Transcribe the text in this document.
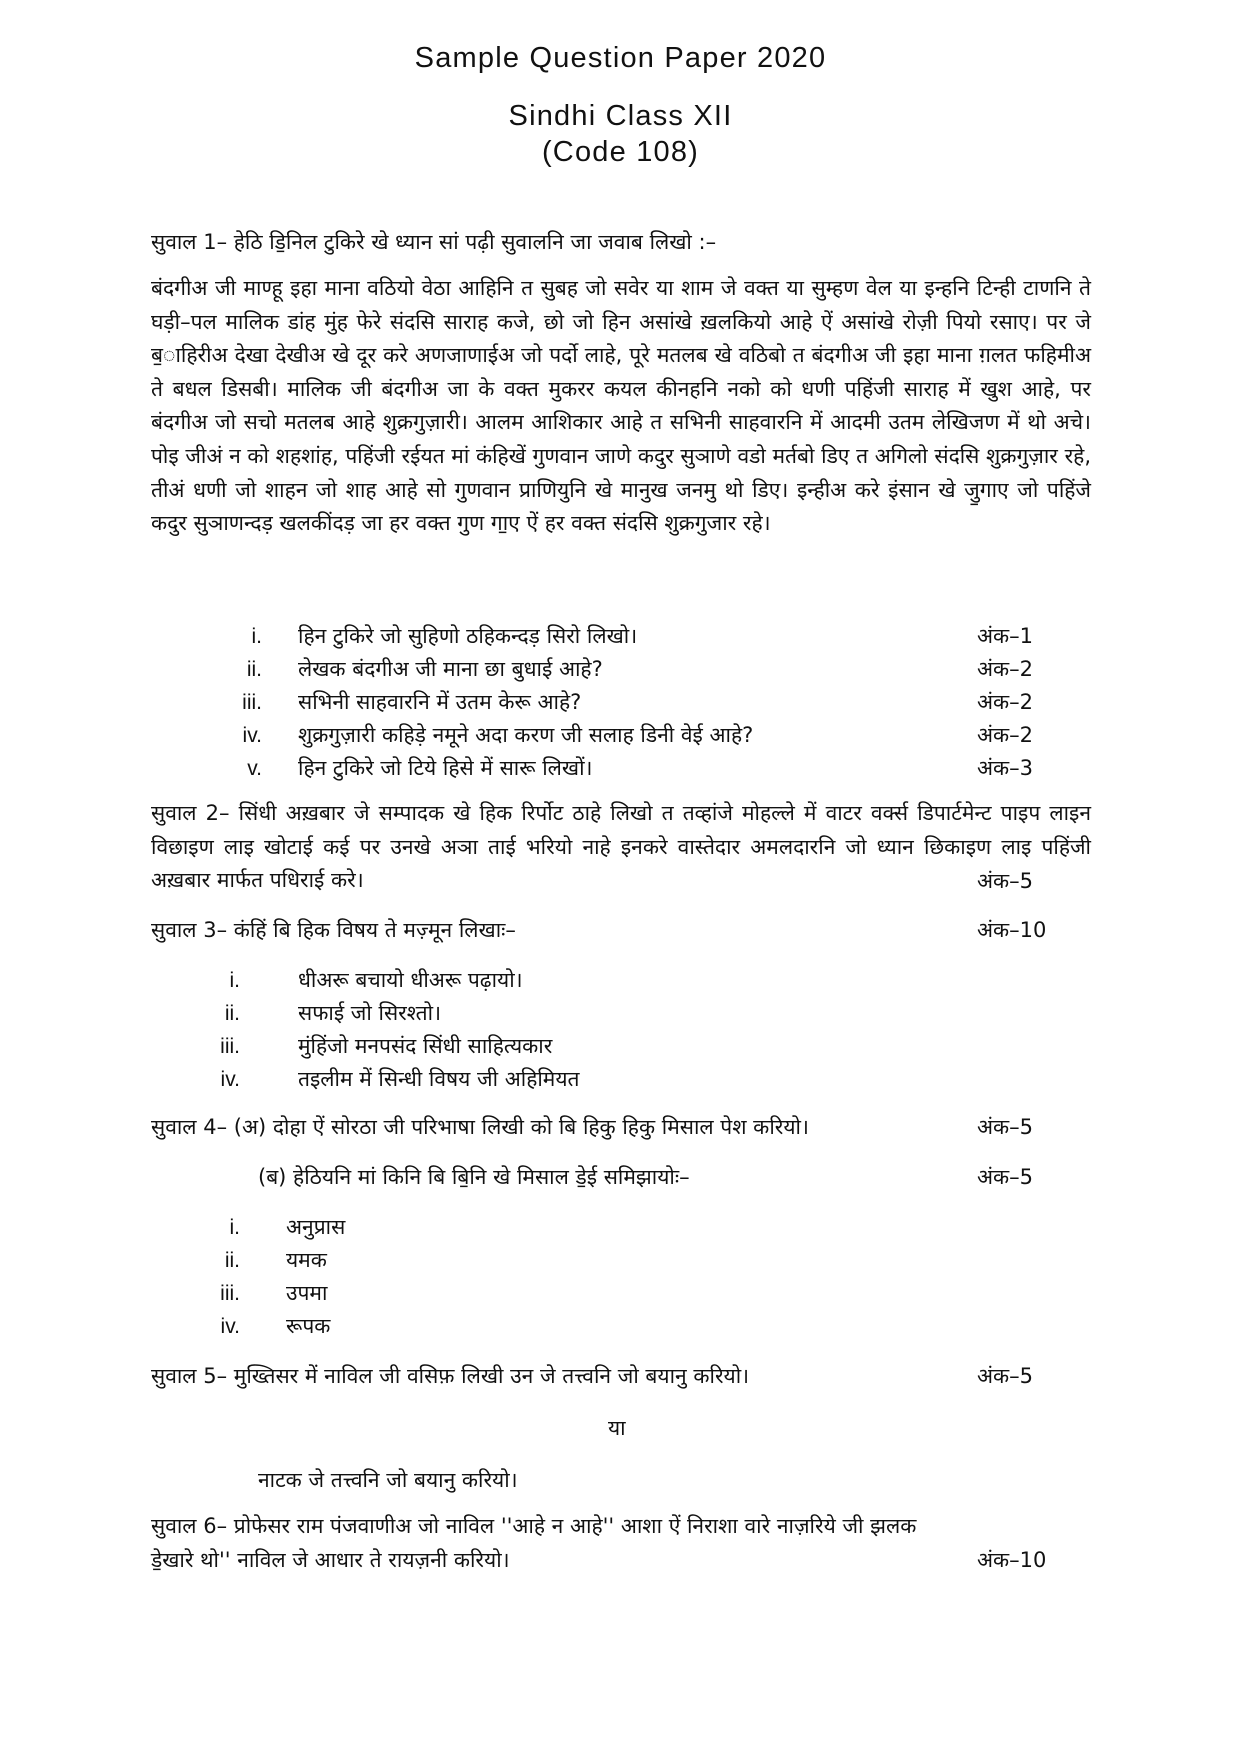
Sample Question Paper 2020
Sindhi Class XII
(Code 108)
सुवाल 1– हेठि डि॒निल टुकिरे खे ध्यान सां पढ़ी सुवालनि जा जवाब लिखो :–
बंदगीअ जी माण्हू इहा माना वठियो वेठा आहिनि त सुबह जो सवेर या शाम जे वक्त या सुम्हण वेल या इन्हनि टिन्ही टाणनि ते घड़ी–पल मालिक डांह मुंह फेरे संदसि साराह कजे, छो जो हिन असांखे ख़लकियो आहे ऐं असांखे रोज़ी पियो रसाए। पर जे ब॒ाहिरीअ देखा देखीअ खे दूर करे अणजाणाईअ जो पर्दो लाहे, पूरे मतलब खे वठिबो त बंदगीअ जी इहा माना ग़लत फहिमीअ ते बधल डिसबी। मालिक जी बंदगीअ जा के वक्त मुकरर कयल कीनहनि नको को धणी पहिंजी साराह में खुश आहे, पर बंदगीअ जो सचो मतलब आहे शुक्रगुज़ारी। आलम आशिकार आहे त सभिनी साहवारनि में आदमी उतम लेखिजण में थो अचे। पोइ जीअं न को शहशांह, पहिंजी रईयत मां कंहिखें गुणवान जाणे कदुर सुञाणे वडो मर्तबो डिए त अगिलो संदसि शुक्रगुज़ार रहे, तीअं धणी जो शाहन जो शाह आहे सो गुणवान प्राणियुनि खे मानुख जनमु थो डिए। इन्हीअ करे इंसान खे जु॒गाए जो पहिंजे कदुर सुञाणन्दड़ खलकींदड़ जा हर वक्त गुण गा॒ए ऐं हर वक्त संदसि शुक्रगुजार रहे।
i. हिन टुकिरे जो सुहिणो ठहिकन्दड़ सिरो लिखो।	अंक–1
ii. लेखक बंदगीअ जी माना छा बुधाई आहे?	अंक–2
iii. सभिनी साहवारनि में उतम केरू आहे?	अंक–2
iv. शुक्रगुज़ारी कहिड़े नमूने अदा करण जी सलाह डिनी वेई आहे?	अंक–2
v. हिन टुकिरे जो टिये हिसे में सारू लिखों।	अंक–3
सुवाल 2– सिंधी अख़बार जे सम्पादक खे हिक रिर्पोट ठाहे लिखो त तव्हांजे मोहल्ले में वाटर वर्क्स डिपार्टमेन्ट पाइप लाइन विछाइण लाइ खोटाई कई पर उनखे अञा ताई भरियो नाहे इनकरे वास्तेदार अमलदारनि जो ध्यान छिकाइण लाइ पहिंजी अख़बार मार्फत पधिराई करे।	अंक–5
सुवाल 3– कंहिं बि हिक विषय ते मज़्मून लिखाः–	अंक–10
i.	धीअरू बचायो धीअरू पढ़ायो।
ii.	सफाई जो सिरश्तो।
iii.	मुंहिंजो मनपसंद सिंधी साहित्यकार
iv.	तइलीम में सिन्धी विषय जी अहिमियत
सुवाल 4– (अ) दोहा ऐं सोरठा जी परिभाषा लिखी को बि हिकु हिकु मिसाल पेश करियो।	अंक–5
(ब) हेठियनि मां किनि बि बि॒नि खे मिसाल डे॒ई समिझायोः–	अंक–5
i. अनुप्रास
ii. यमक
iii. उपमा
iv. रूपक
सुवाल 5– मुख्तिसर में नाविल जी वसिफ़ लिखी उन जे तत्त्वनि जो बयानु करियो।	अंक–5
या
नाटक जे तत्त्वनि जो बयानु करियो।
सुवाल 6– प्रोफेसर राम पंजवाणीअ जो नाविल ''आहे न आहे'' आशा ऐं निराशा वारे नाज़रिये जी झलक
डे॒खारे थो'' नाविल जे आधार ते रायज़नी करियो।	अंक–10
